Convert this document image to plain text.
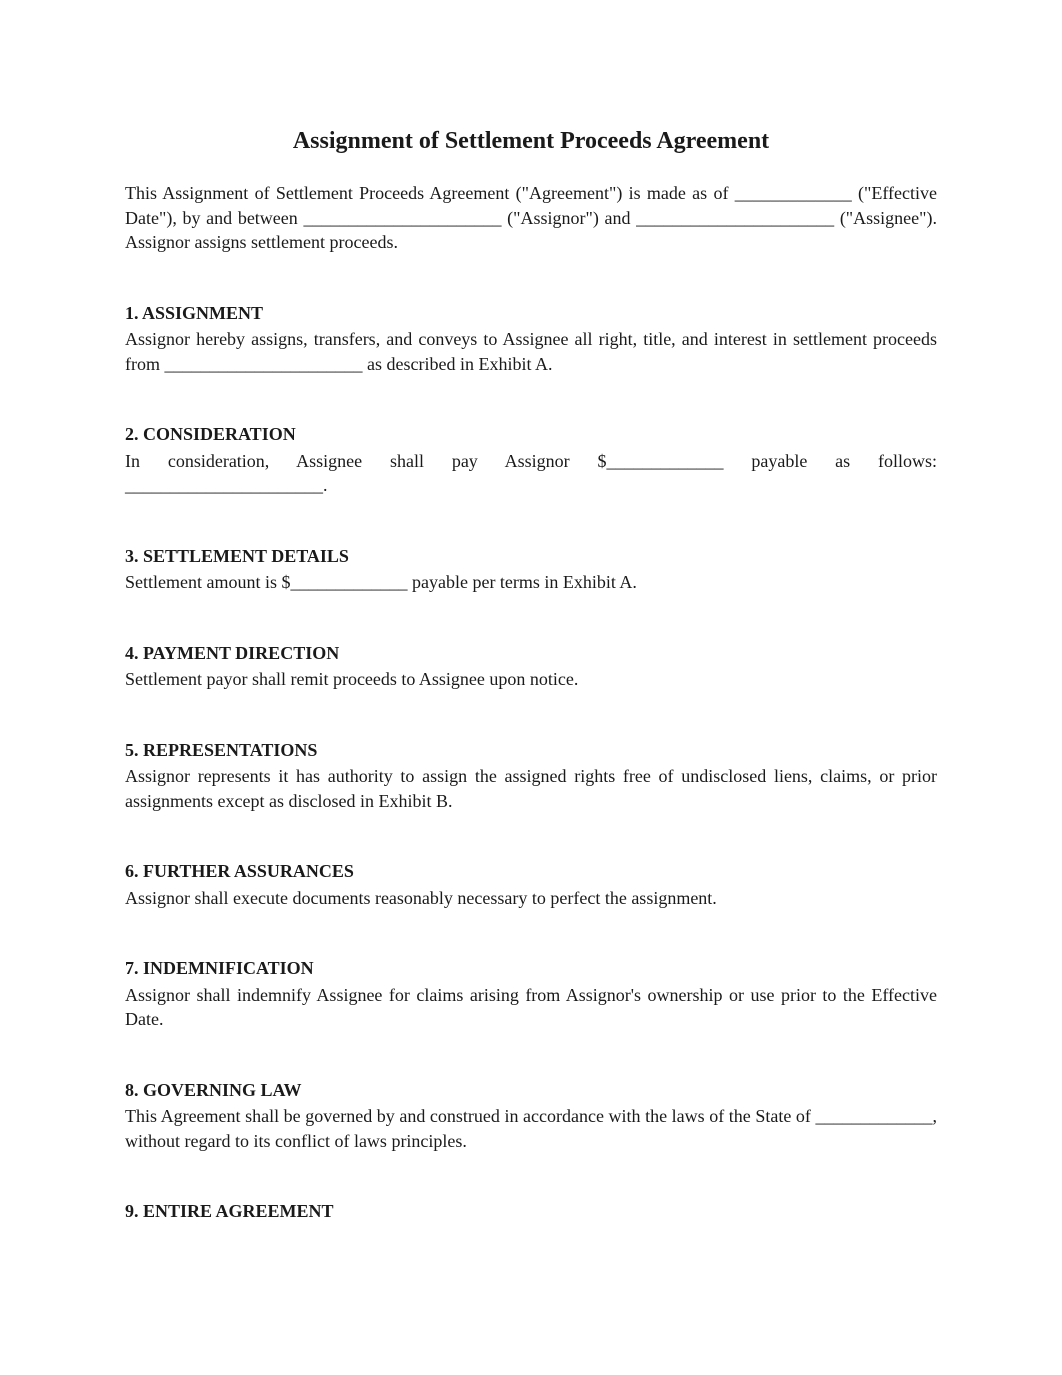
Assignment of Settlement Proceeds Agreement

This Assignment of Settlement Proceeds Agreement ("Agreement") is made as of _____________ ("Effective Date"), by and between ______________________ ("Assignor") and ______________________ ("Assignee"). Assignor assigns settlement proceeds.

1. ASSIGNMENT

Assignor hereby assigns, transfers, and conveys to Assignee all right, title, and interest in settlement proceeds from ______________________ as described in Exhibit A.

2. CONSIDERATION

In consideration, Assignee shall pay Assignor $_____________ payable as follows:

______________________.

3. SETTLEMENT DETAILS

Settlement amount is $_____________ payable per terms in Exhibit A.

4. PAYMENT DIRECTION

Settlement payor shall remit proceeds to Assignee upon notice.

5. REPRESENTATIONS

Assignor represents it has authority to assign the assigned rights free of undisclosed liens, claims, or prior assignments except as disclosed in Exhibit B.

6. FURTHER ASSURANCES

Assignor shall execute documents reasonably necessary to perfect the assignment.

7. INDEMNIFICATION

Assignor shall indemnify Assignee for claims arising from Assignor's ownership or use prior to the Effective Date.

8. GOVERNING LAW

This Agreement shall be governed by and construed in accordance with the laws of the State of _____________, without regard to its conflict of laws principles.

9. ENTIRE AGREEMENT
